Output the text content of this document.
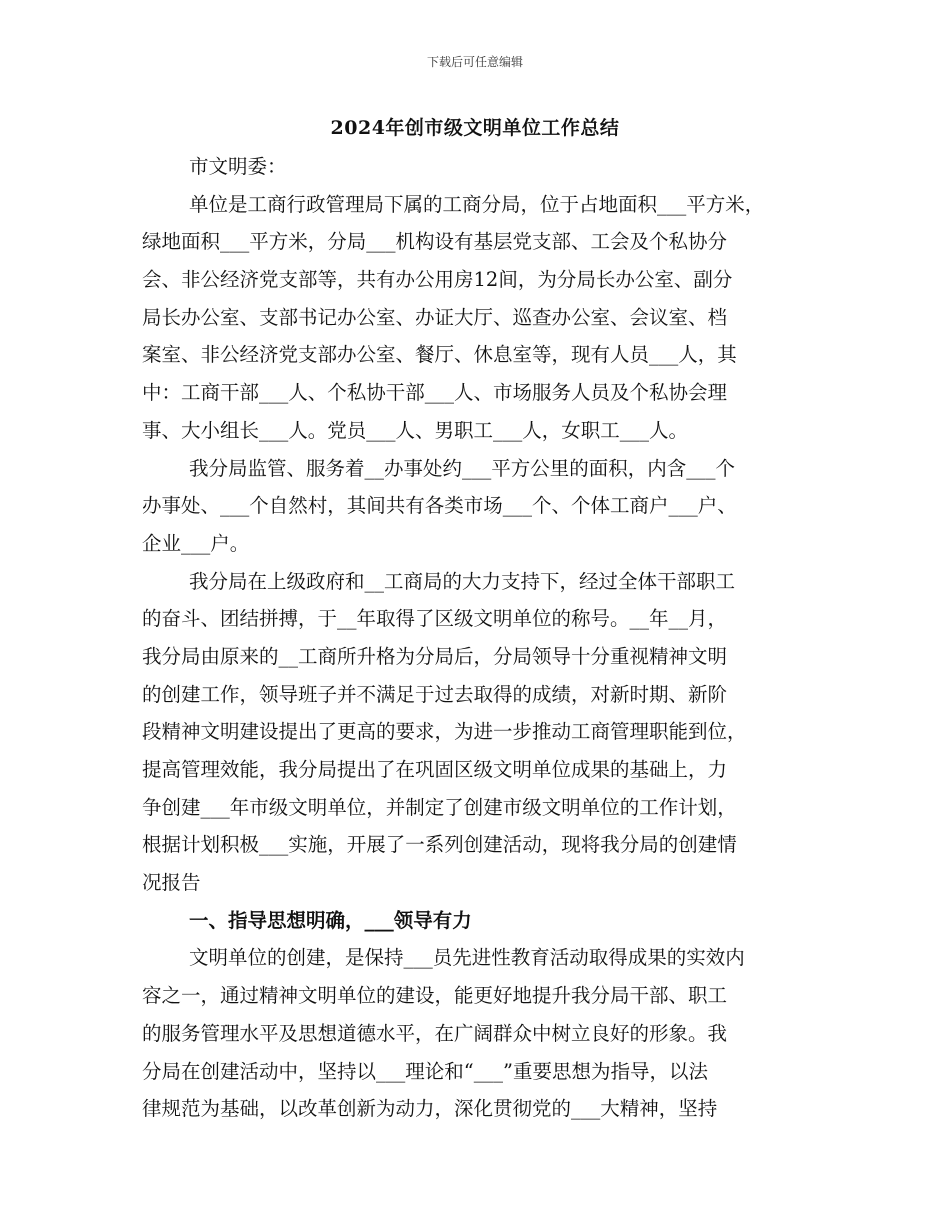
下载后可任意编辑
2024年创市级文明单位工作总结
市文明委：
单位是工商行政管理局下属的工商分局，位于占地面积___平方米，
绿地面积___平方米，分局___机构设有基层党支部、工会及个私协分
会、非公经济党支部等，共有办公用房12间，为分局长办公室、副分
局长办公室、支部书记办公室、办证大厅、巡查办公室、会议室、档
案室、非公经济党支部办公室、餐厅、休息室等，现有人员___人，其
中：工商干部___人、个私协干部___人、市场服务人员及个私协会理
事、大小组长___人。党员___人、男职工___人，女职工___人。
我分局监管、服务着__办事处约___平方公里的面积，内含___个
办事处、___个自然村，其间共有各类市场___个、个体工商户___户、
企业___户。
我分局在上级政府和__工商局的大力支持下，经过全体干部职工
的奋斗、团结拼搏，于__年取得了区级文明单位的称号。__年__月，
我分局由原来的__工商所升格为分局后，分局领导十分重视精神文明
的创建工作，领导班子并不满足于过去取得的成绩，对新时期、新阶
段精神文明建设提出了更高的要求，为进一步推动工商管理职能到位，
提高管理效能，我分局提出了在巩固区级文明单位成果的基础上，力
争创建___年市级文明单位，并制定了创建市级文明单位的工作计划，
根据计划积极___实施，开展了一系列创建活动，现将我分局的创建情
况报告
一、指导思想明确，___领导有力
文明单位的创建，是保持___员先进性教育活动取得成果的实效内
容之一，通过精神文明单位的建设，能更好地提升我分局干部、职工
的服务管理水平及思想道德水平，在广阔群众中树立良好的形象。我
分局在创建活动中，坚持以___理论和“___”重要思想为指导，以法
律规范为基础，以改革创新为动力，深化贯彻党的___大精神，坚持
